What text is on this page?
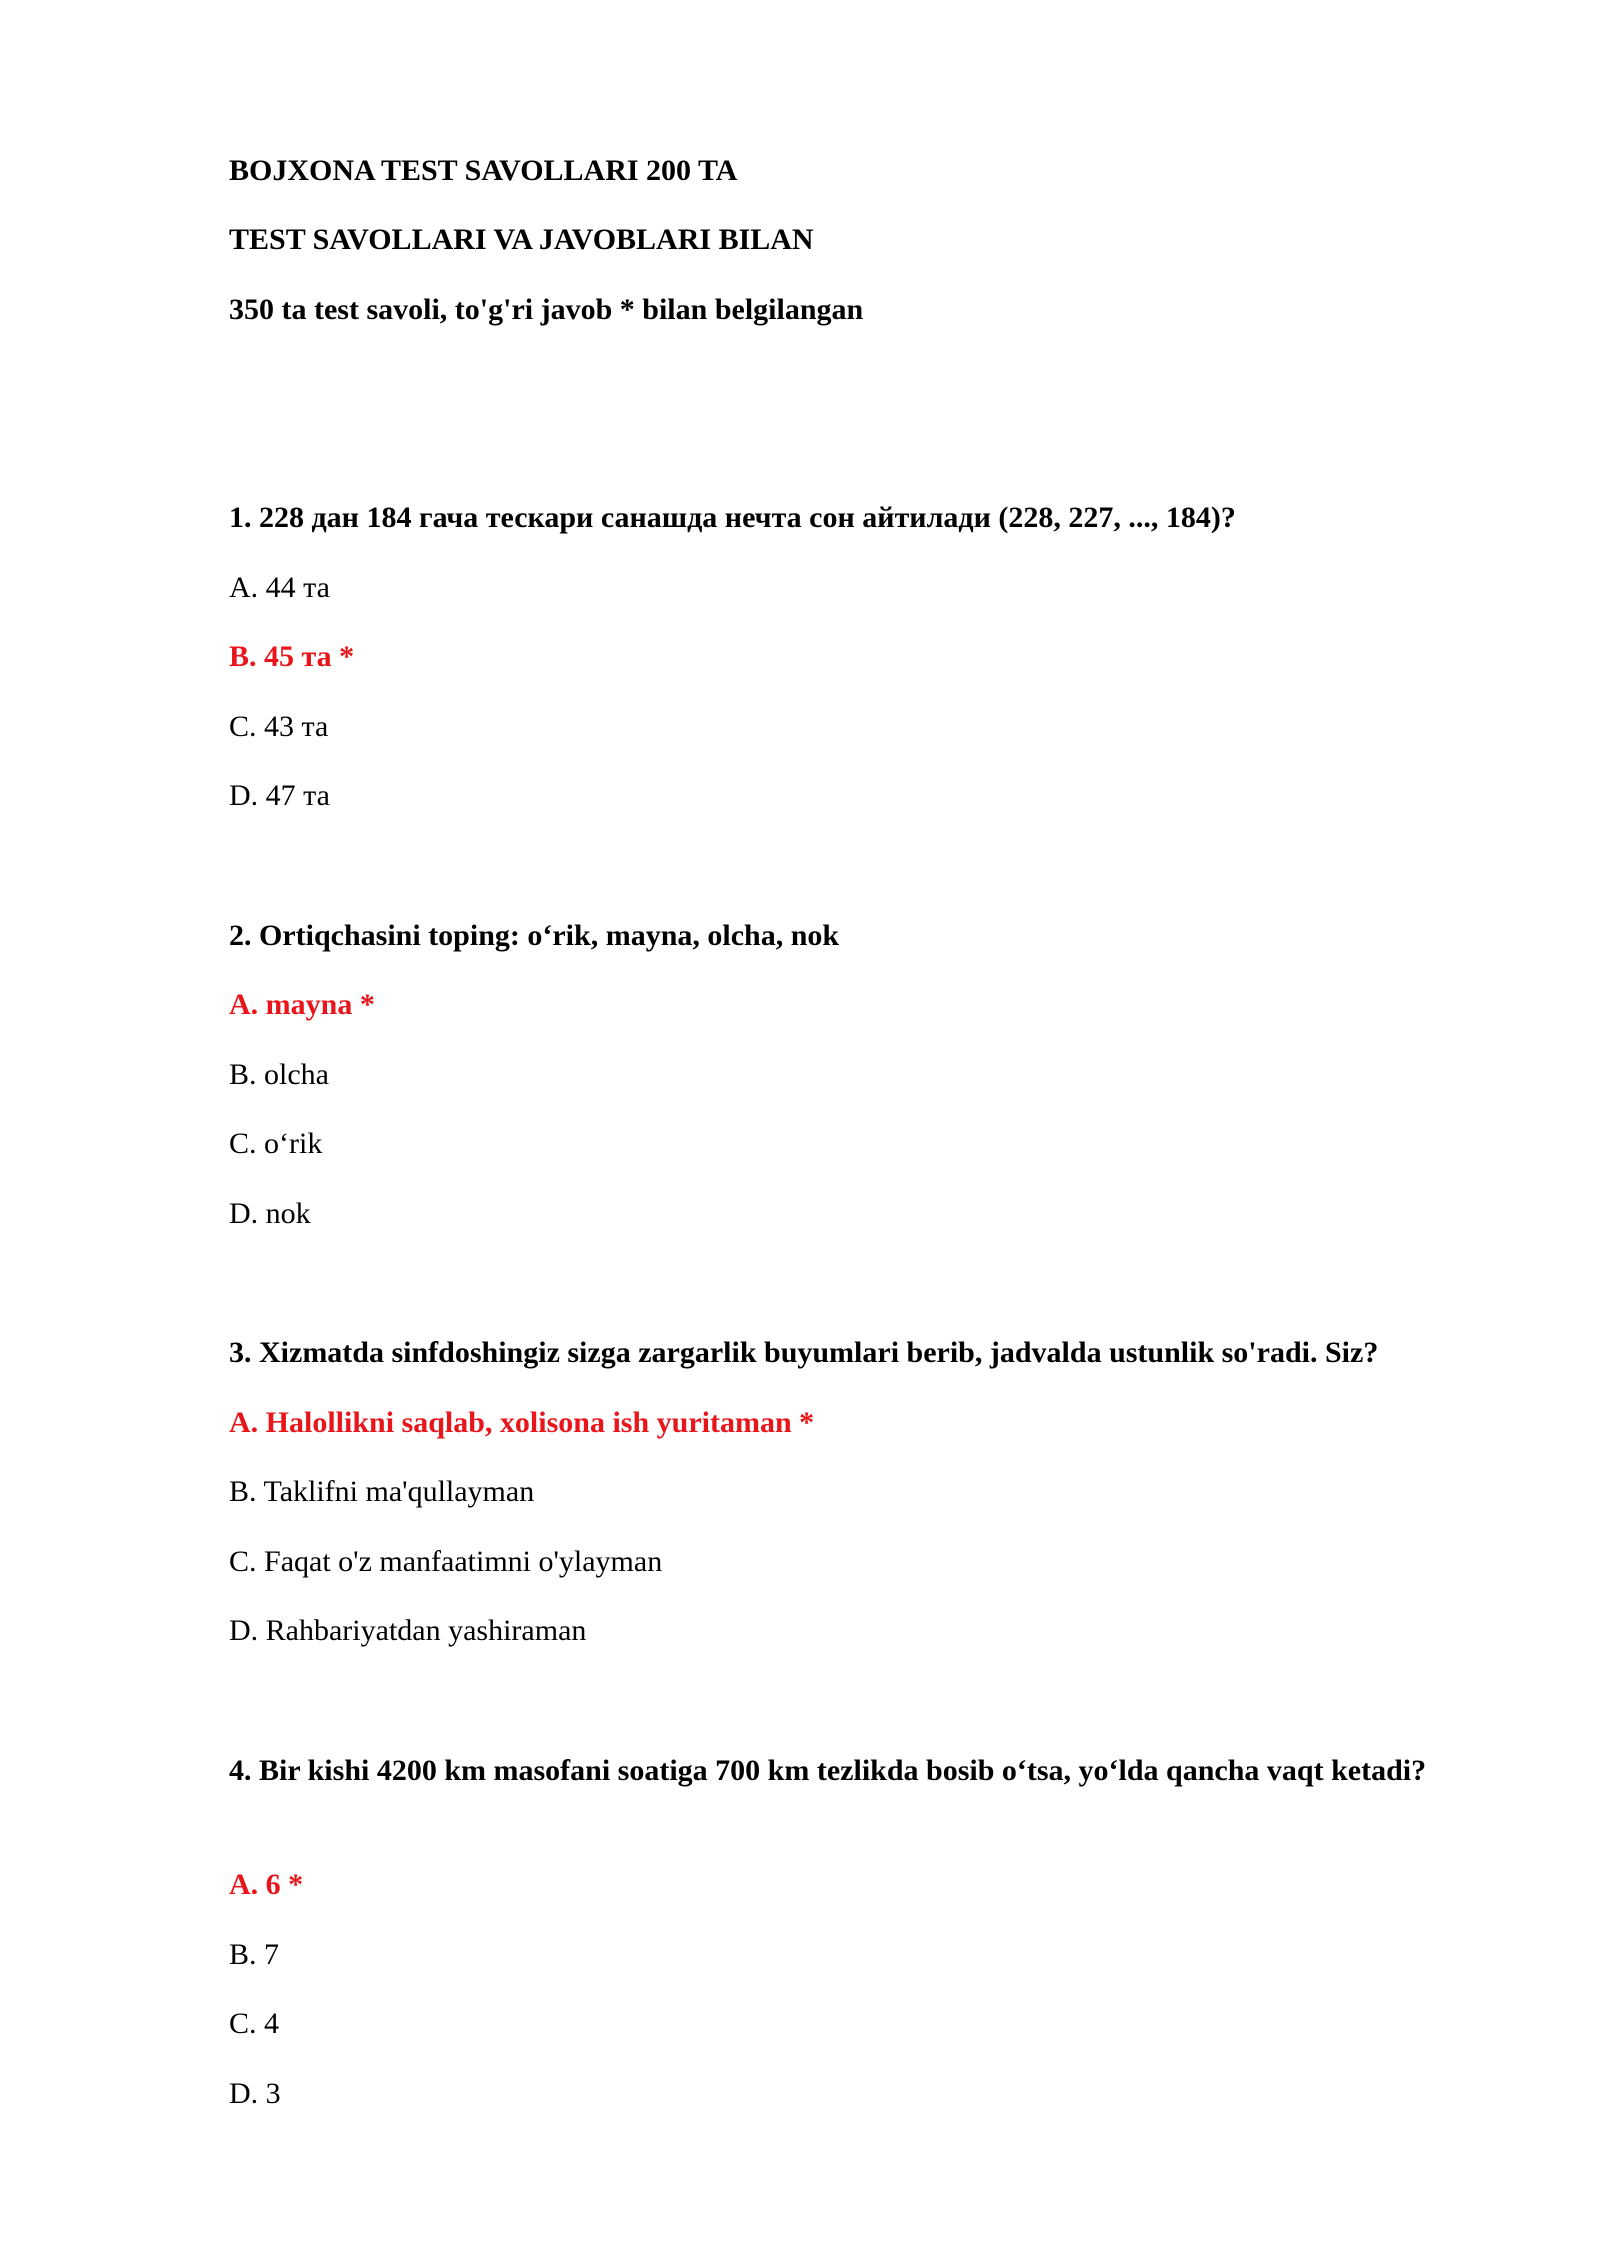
BOJXONA TEST SAVOLLARI 200 TA
TEST SAVOLLARI VA JAVOBLARI BILAN
350 ta test savoli, to'g'ri javob * bilan belgilangan
1. 228 дан 184 гача тескари санашда нечта сон айтилади (228, 227, ..., 184)?
A. 44 та
B. 45 та *
C. 43 та
D. 47 та
2. Ortiqchasini toping: o‘rik, mayna, olcha, nok
A. mayna *
B. olcha
C. o‘rik
D. nok
3. Xizmatda sinfdoshingiz sizga zargarlik buyumlari berib, jadvalda ustunlik so'radi. Siz?
A. Halollikni saqlab, xolisona ish yuritaman *
B. Taklifni ma'qullayman
C. Faqat o'z manfaatimni o'ylayman
D. Rahbariyatdan yashiraman
4. Bir kishi 4200 km masofani soatiga 700 km tezlikda bosib o‘tsa, yo‘lda qancha vaqt ketadi?
A. 6 *
B. 7
C. 4
D. 3
